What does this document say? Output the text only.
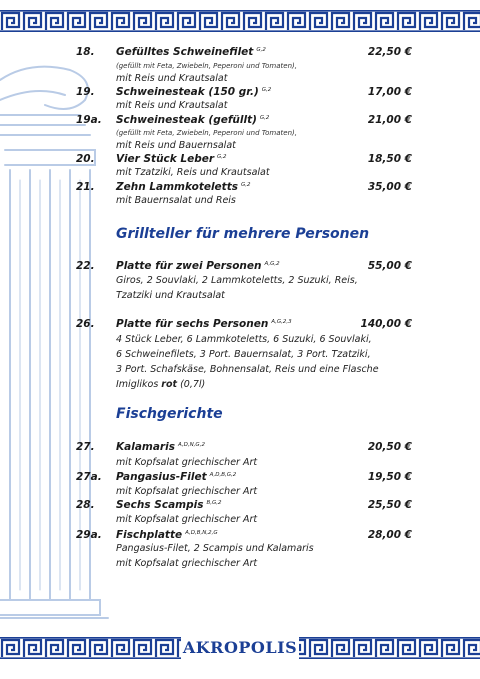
AKROPOLIS
18. Gefülltes Schweinefilet $^{G,2}$	22,50 €
(gefüllt mit Feta, Zwiebeln, Peperoni und Tomaten),
mit Reis und Krautsalat
19. Schweinesteak (150 gr.) $^{G,2}$	17,00 €
mit Reis und Krautsalat
19a. Schweinesteak (gefüllt) $^{G,2}$	21,00 €
(gefüllt mit Feta, Zwiebeln, Peperoni und Tomaten),
mit Reis und Bauernsalat
20. Vier Stück Leber $^{G,2}$	18,50 €
mit Tzatziki, Reis und Krautsalat
21. Zehn Lammkoteletts $^{G,2}$	35,00 €
mit Bauernsalat und Reis
Grillteller für mehrere Personen
22. Platte für zwei Personen $^{A,G,2}$	55,00 €
Giros, 2 Souvlaki, 2 Lammkoteletts, 2 Suzuki, Reis,
Tzatziki und Krautsalat
26. Platte für sechs Personen $^{A,G,2,3}$	140,00 €
4 Stück Leber, 6 Lammkoteletts, 6 Suzuki, 6 Souvlaki,
6 Schweinefilets, 3 Port. Bauernsalat, 3 Port. Tzatziki,
3 Port. Schafskäse, Bohnensalat, Reis und eine Flasche
Imiglikos rot (0,7l)
Fischgerichte
27. Kalamaris $^{A,D,N,G,2}$	20,50 €
mit Kopfsalat griechischer Art
27a. Pangasius-Filet $^{A,D,B,G,2}$	19,50 €
mit Kopfsalat griechischer Art
28. Sechs Scampis $^{B,G,2}$	25,50 €
mit Kopfsalat griechischer Art
29a. Fischplatte $^{A,D,B,N,2,G}$	28,00 €
Pangasius-Filet, 2 Scampis und Kalamaris
mit Kopfsalat griechischer Art
